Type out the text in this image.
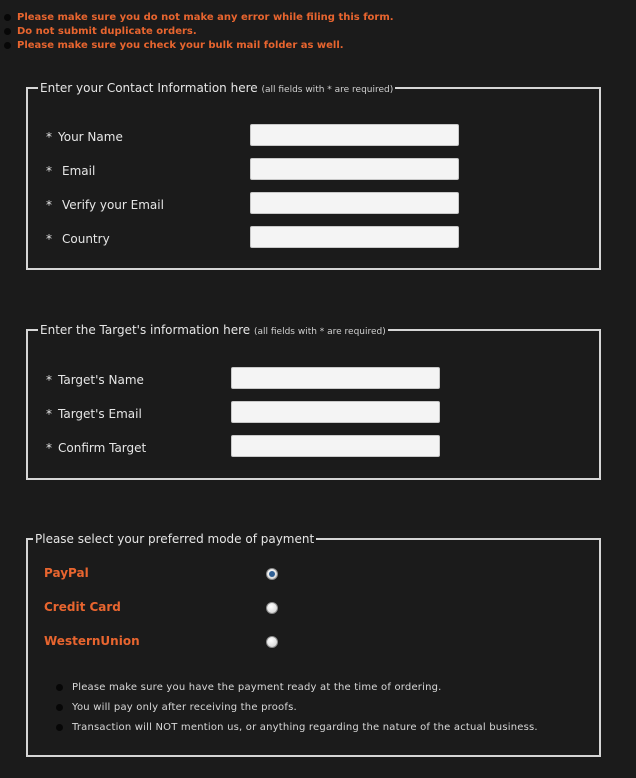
Please make sure you do not make any error while filing this form.
Do not submit duplicate orders.
Please make sure you check your bulk mail folder as well.
Enter your Contact Information here (all fields with * are required)
* Your Name
* Email
* Verify your Email
* Country
Enter the Target's information here (all fields with * are required)
* Target's Name
* Target's Email
* Confirm Target
Please select your preferred mode of payment
PayPal
Credit Card
WesternUnion
Please make sure you have the payment ready at the time of ordering.
You will pay only after receiving the proofs.
Transaction will NOT mention us, or anything regarding the nature of the actual business.
